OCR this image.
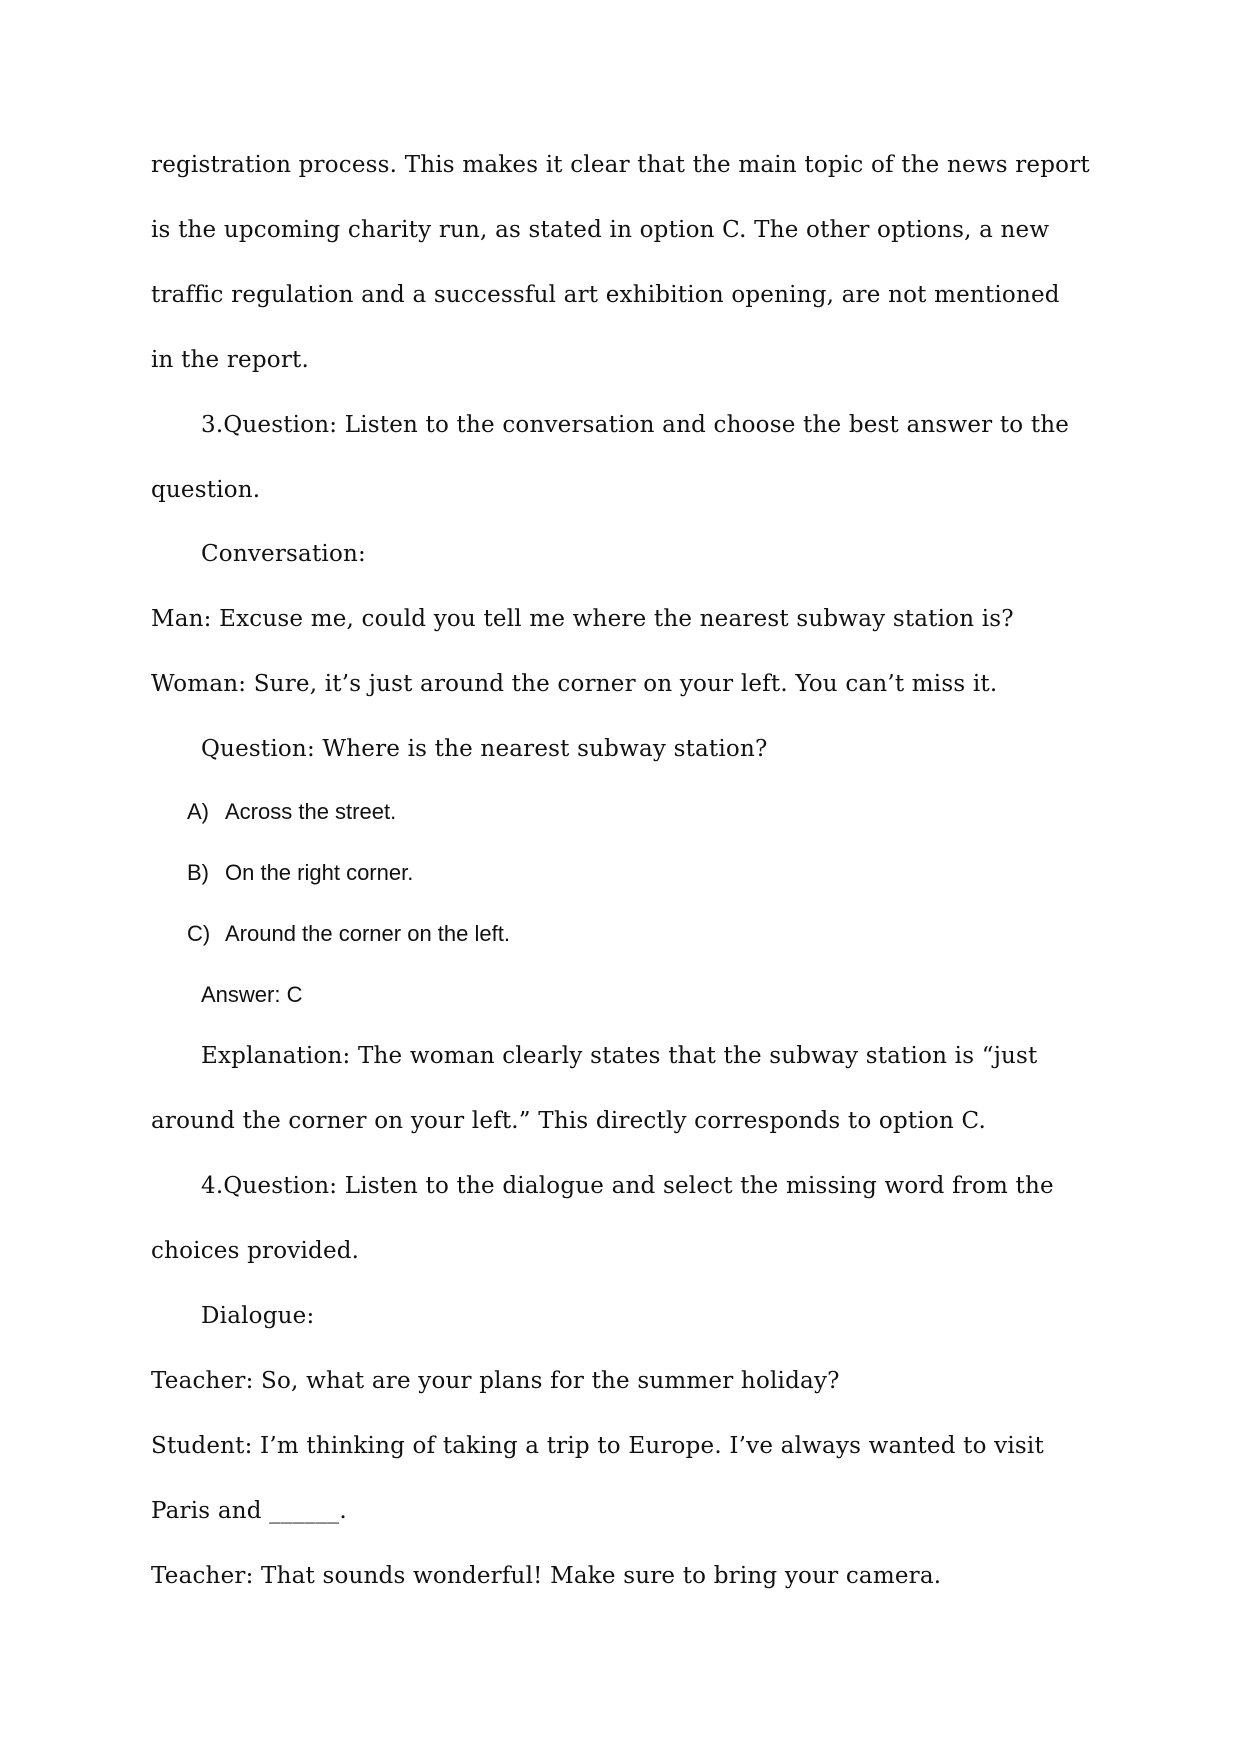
registration process. This makes it clear that the main topic of the news report
is the upcoming charity run, as stated in option C. The other options, a new
traffic regulation and a successful art exhibition opening, are not mentioned
in the report.
3.Question: Listen to the conversation and choose the best answer to the
question.
Conversation:
Man: Excuse me, could you tell me where the nearest subway station is?
Woman: Sure, it’s just around the corner on your left. You can’t miss it.
Question: Where is the nearest subway station?
A) Across the street.
B) On the right corner.
C) Around the corner on the left.
Answer: C
Explanation: The woman clearly states that the subway station is “just
around the corner on your left.” This directly corresponds to option C.
4.Question: Listen to the dialogue and select the missing word from the
choices provided.
Dialogue:
Teacher: So, what are your plans for the summer holiday?
Student: I’m thinking of taking a trip to Europe. I’ve always wanted to visit
Paris and ______.
Teacher: That sounds wonderful! Make sure to bring your camera.
